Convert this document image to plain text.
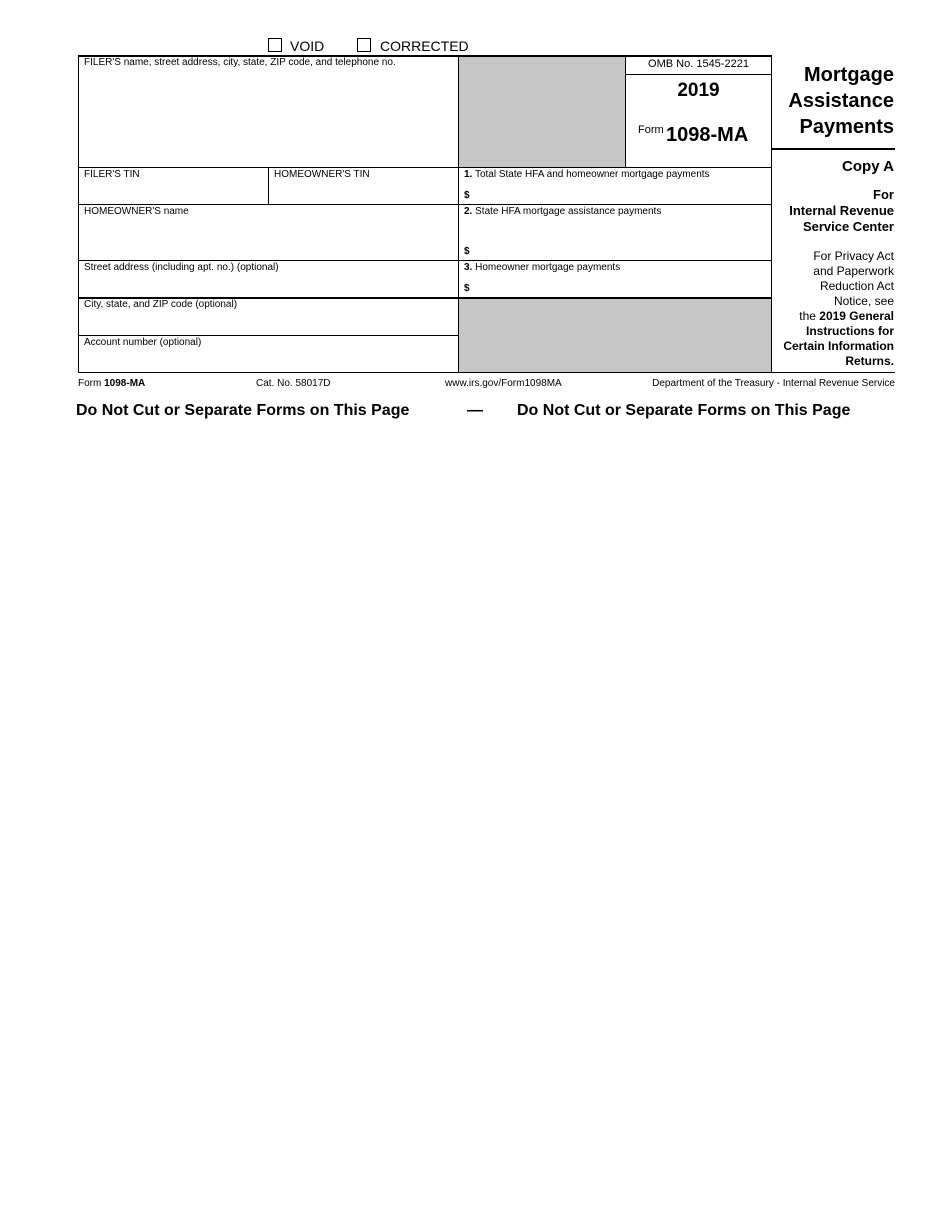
VOID	CORRECTED
FILER'S name, street address, city, state, ZIP code, and telephone no.
FILER'S TIN	HOMEOWNER'S TIN
HOMEOWNER'S name
Street address (including apt. no.) (optional)
City, state, and ZIP code (optional)
Account number (optional)
OMB No. 1545-2221
2019
Form 1098-MA
Mortgage
Assistance
Payments
1. Total State HFA and homeowner mortgage payments
$
2. State HFA mortgage assistance payments
$
3. Homeowner mortgage payments
$
Copy A
For
Internal Revenue
Service Center
For Privacy Act
and Paperwork
Reduction Act
Notice, see
the 2019 General
Instructions for
Certain Information
Returns.
Form 1098-MA	Cat. No. 58017D	www.irs.gov/Form1098MA	Department of the Treasury - Internal Revenue Service
Do Not Cut or Separate Forms on This Page	— Do Not Cut or Separate Forms on This Page
